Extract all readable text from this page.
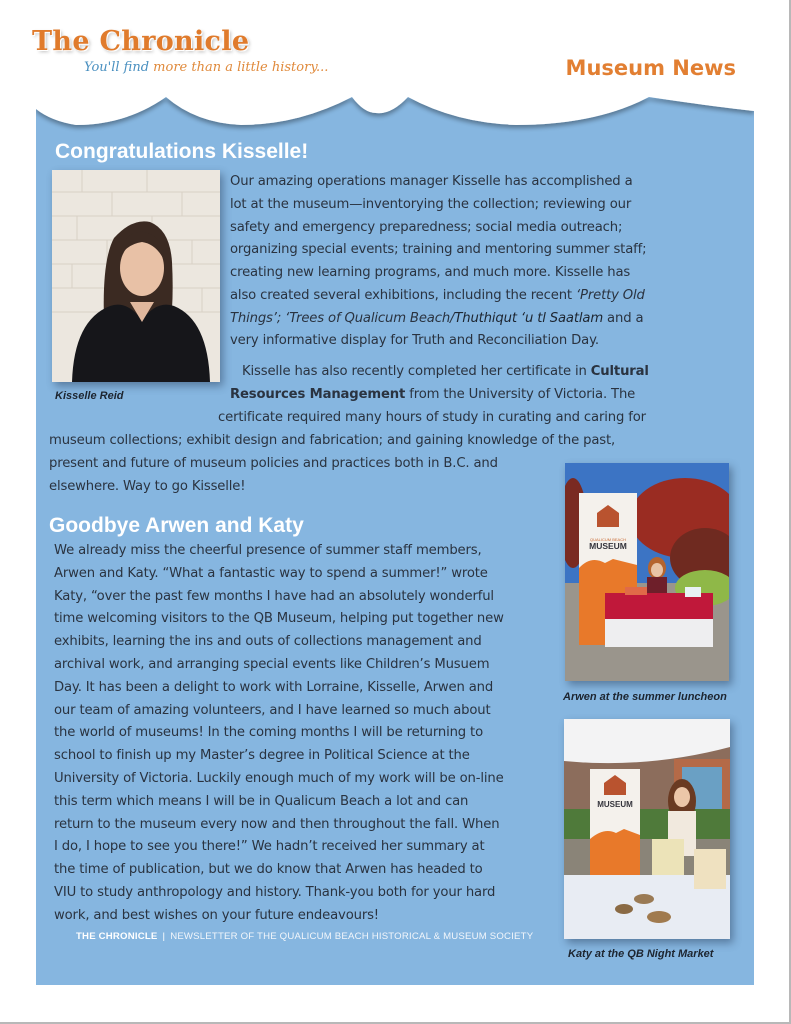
The Chronicle
You'll find more than a little history...	Museum News
Congratulations Kisselle!
Kisselle Reid
Our amazing operations manager Kisselle has accomplished a
lot at the museum—inventorying the collection; reviewing our
safety and emergency preparedness; social media outreach;
organizing special events; training and mentoring summer staff;
creating new learning programs, and much more. Kisselle has
also created several exhibitions, including the recent ‘Pretty Old
Things’; ‘Trees of Qualicum Beach/Thuthiqut ‘u tl Saatlam and a
very informative display for Truth and Reconciliation Day.
Kisselle has also recently completed her certificate in Cultural
Resources Management from the University of Victoria. The
certificate required many hours of study in curating and caring for
museum collections; exhibit design and fabrication; and gaining knowledge of the past,
present and future of museum policies and practices both in B.C. and
elsewhere. Way to go Kisselle!
Goodbye Arwen and Katy
We already miss the cheerful presence of summer staff members,
Arwen and Katy. “What a fantastic way to spend a summer!” wrote
Katy, “over the past few months I have had an absolutely wonderful
time welcoming visitors to the QB Museum, helping put together new
exhibits, learning the ins and outs of collections management and
archival work, and arranging special events like Children’s Musuem
Day. It has been a delight to work with Lorraine, Kisselle, Arwen and
our team of amazing volunteers, and I have learned so much about
the world of museums! In the coming months I will be returning to
school to finish up my Master’s degree in Political Science at the
University of Victoria. Luckily enough much of my work will be on-line
this term which means I will be in Qualicum Beach a lot and can
return to the museum every now and then throughout the fall. When
I do, I hope to see you there!” We hadn’t received her summary at
the time of publication, but we do know that Arwen has headed to
VIU to study anthropology and history. Thank-you both for your hard
work, and best wishes on your future endeavours!
QUALICUM BEACH
MUSEUM
Arwen at the summer luncheon
MUSEUM
Katy at the QB Night Market
THE CHRONICLE | NEWSLETTER OF THE QUALICUM BEACH HISTORICAL & MUSEUM SOCIETY
